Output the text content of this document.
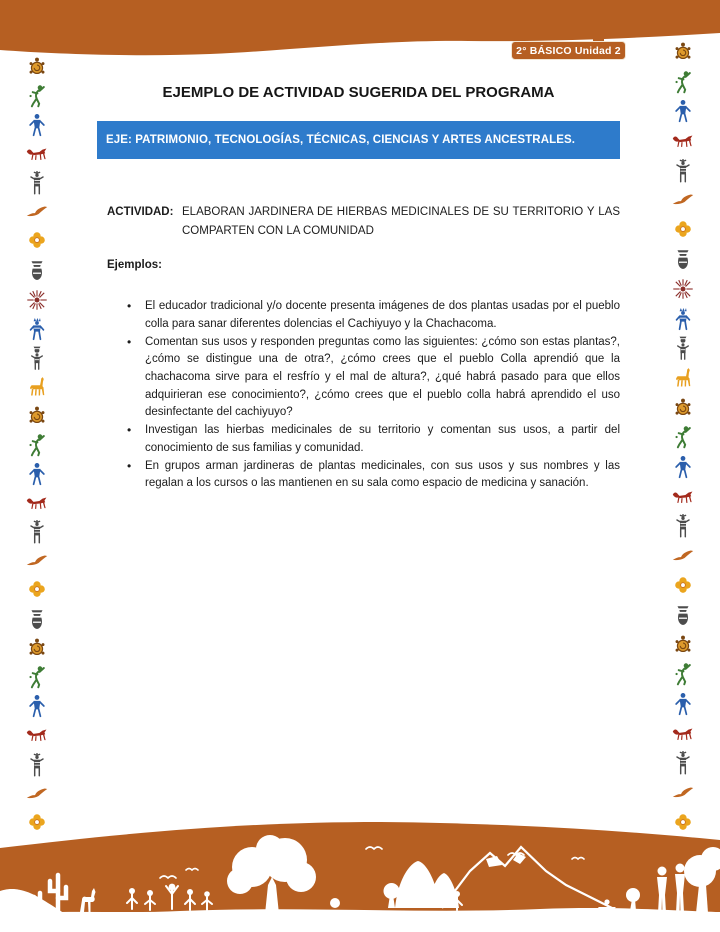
2° BÁSICO Unidad 2
EJEMPLO DE ACTIVIDAD SUGERIDA DEL PROGRAMA
EJE: PATRIMONIO, TECNOLOGÍAS, TÉCNICAS, CIENCIAS Y ARTES ANCESTRALES.
ACTIVIDAD: ELABORAN JARDINERA DE HIERBAS MEDICINALES DE SU TERRITORIO Y LAS COMPARTEN CON LA COMUNIDAD
Ejemplos:
• El educador tradicional y/o docente presenta imágenes de dos plantas usadas por el pueblo colla para sanar diferentes dolencias el Cachiyuyo y la Chachacoma.
• Comentan sus usos y responden preguntas como las siguientes: ¿cómo son estas plantas?, ¿cómo se distingue una de otra?, ¿cómo crees que el pueblo Colla aprendió que la chachacoma sirve para el resfrío y el mal de altura?, ¿qué habrá pasado para que ellos adquirieran ese conocimiento?, ¿cómo crees que el pueblo colla habrá aprendido el uso desinfectante del cachiyuyo?
• Investigan las hierbas medicinales de su territorio y comentan sus usos, a partir del conocimiento de sus familias y comunidad.
• En grupos arman jardineras de plantas medicinales, con sus usos y sus nombres y las regalan a los cursos o las mantienen en su sala como espacio de medicina y sanación.
